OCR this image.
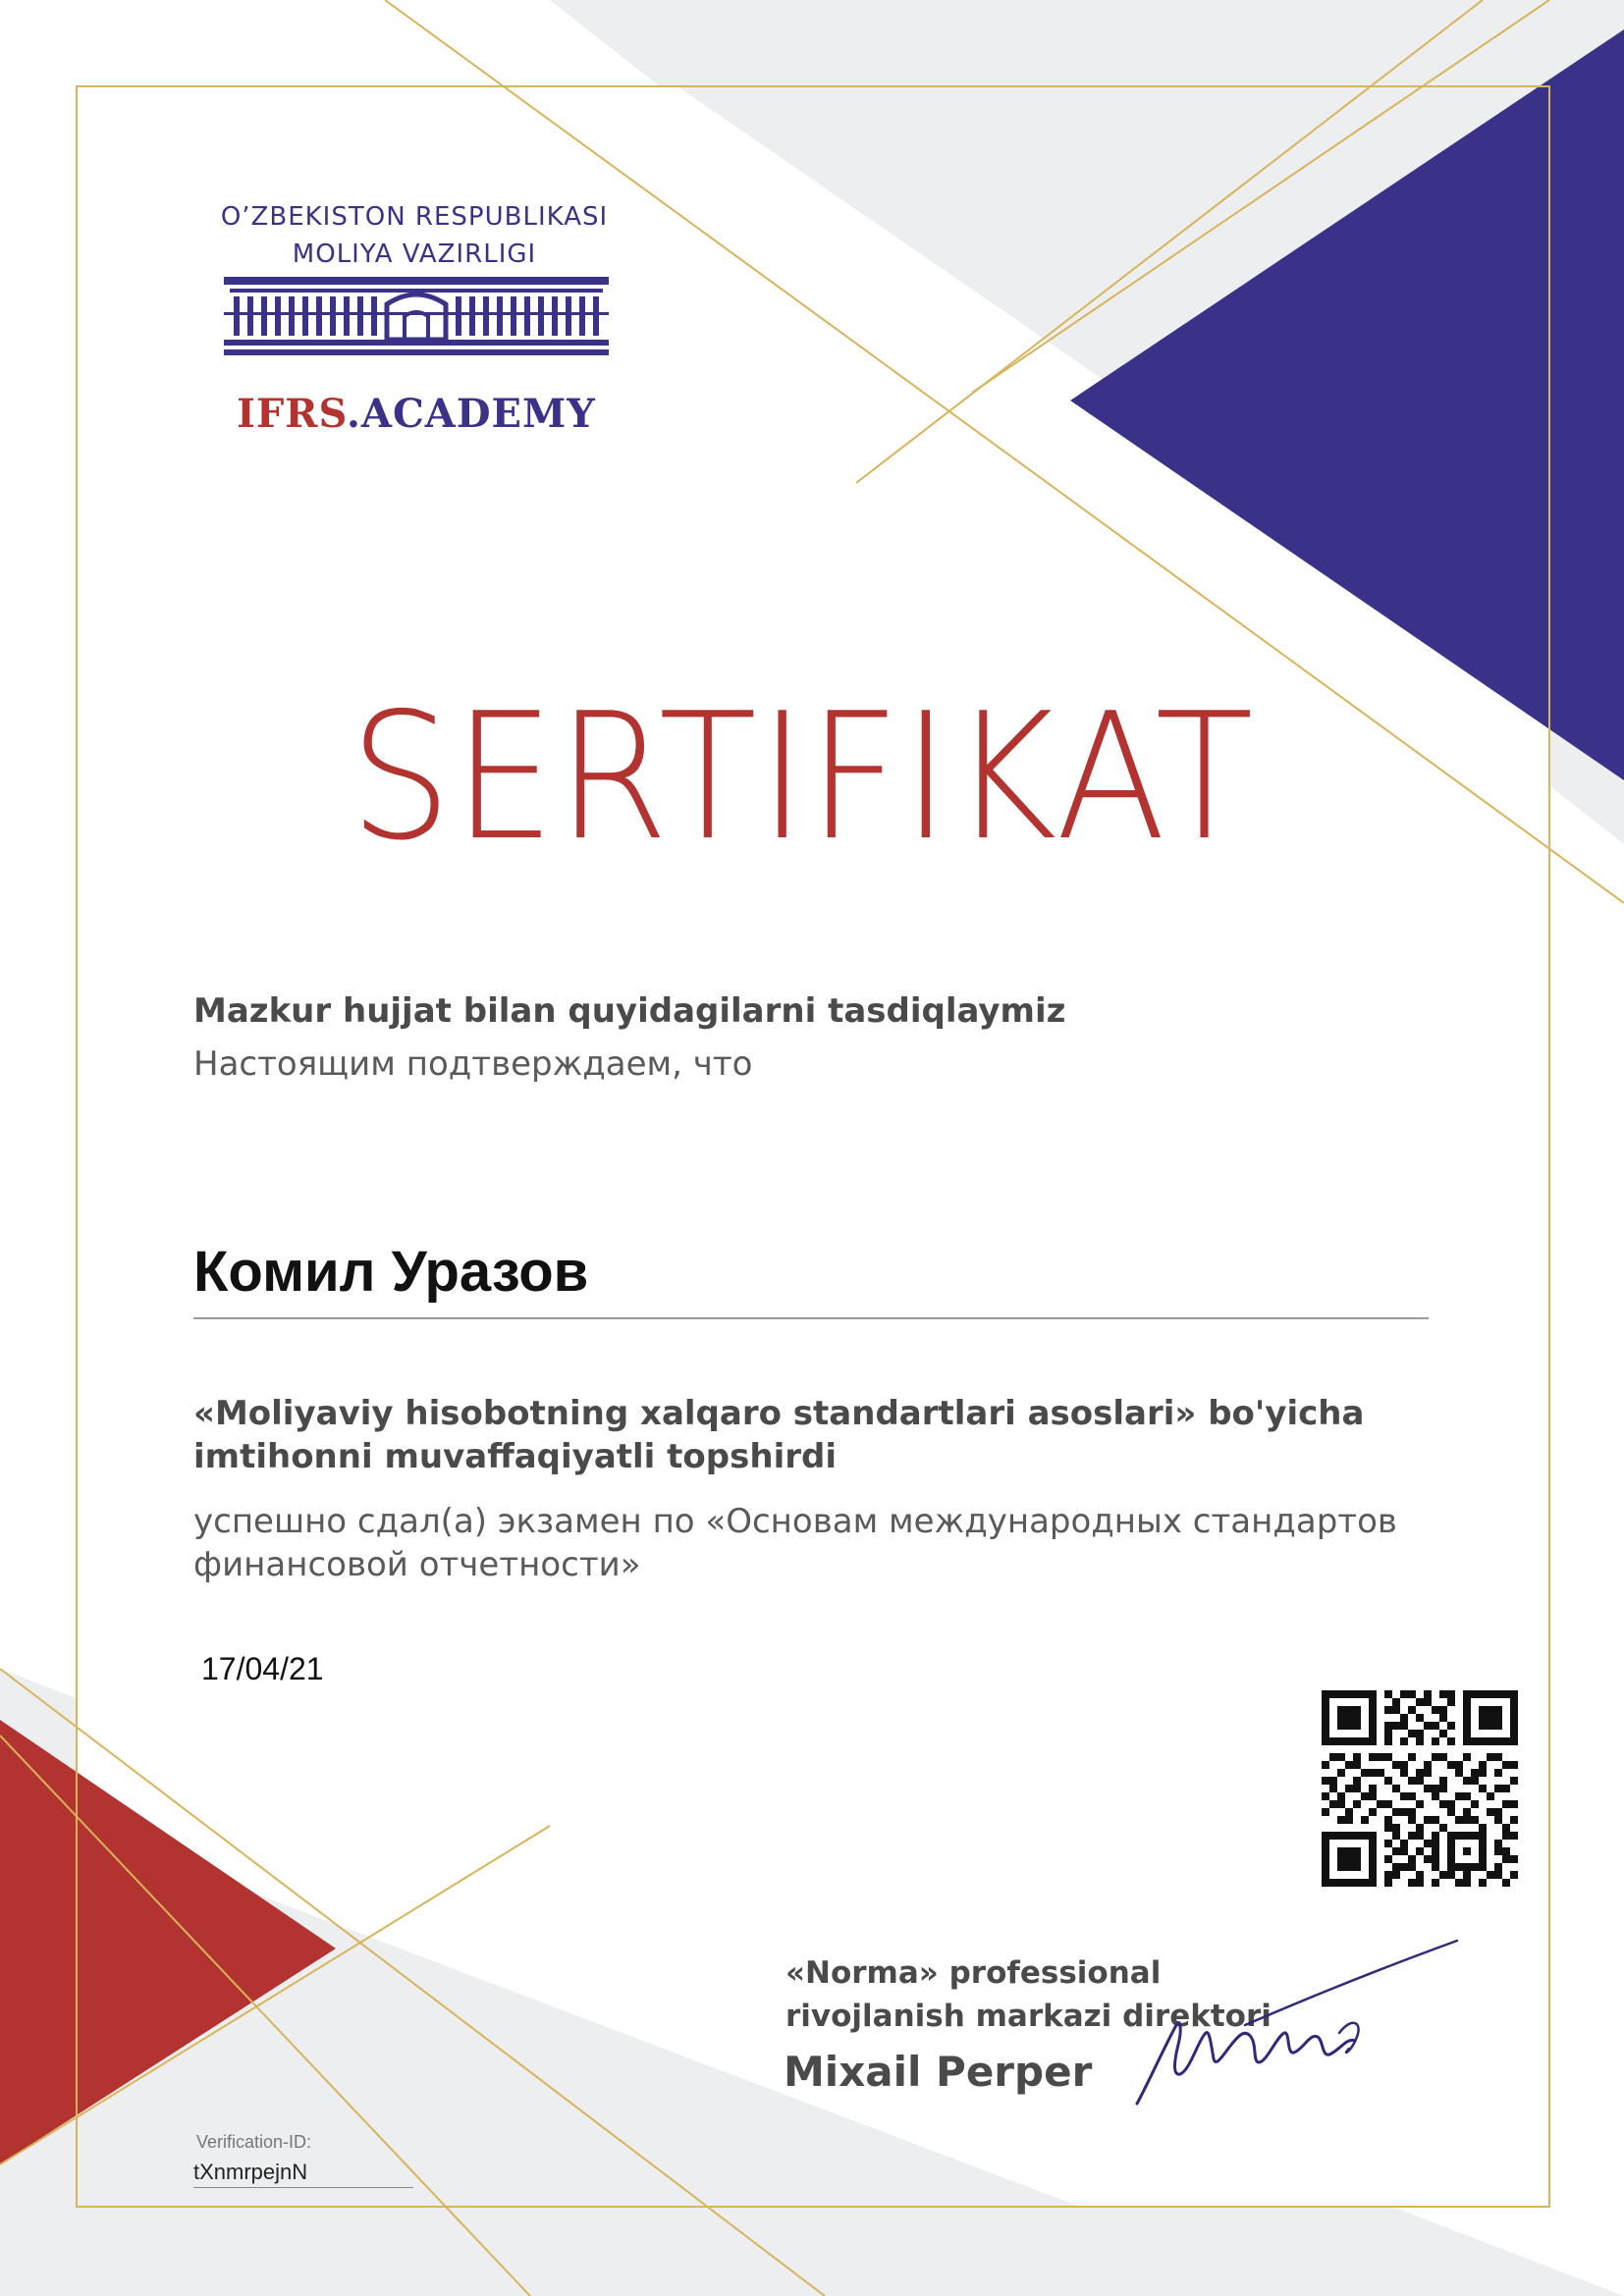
O’ZBEKISTON RESPUBLIKASI
MOLIYA VAZIRLIGI
IFRS.ACADEMY
SERTIFIKAT
Mazkur hujjat bilan quyidagilarni tasdiqlaymiz
Настоящим подтверждаем, что
Комил Уразов
«Moliyaviy hisobotning xalqaro standartlari asoslari» bo'yicha imtihonni muvaffaqiyatli topshirdi
успешно сдал(а) экзамен по «Основам международных стандартов финансовой отчетности»
17/04/21
«Norma» professional rivojlanish markazi direktori
Mixail Perper
Verification-ID:
tXnmrpejnN
